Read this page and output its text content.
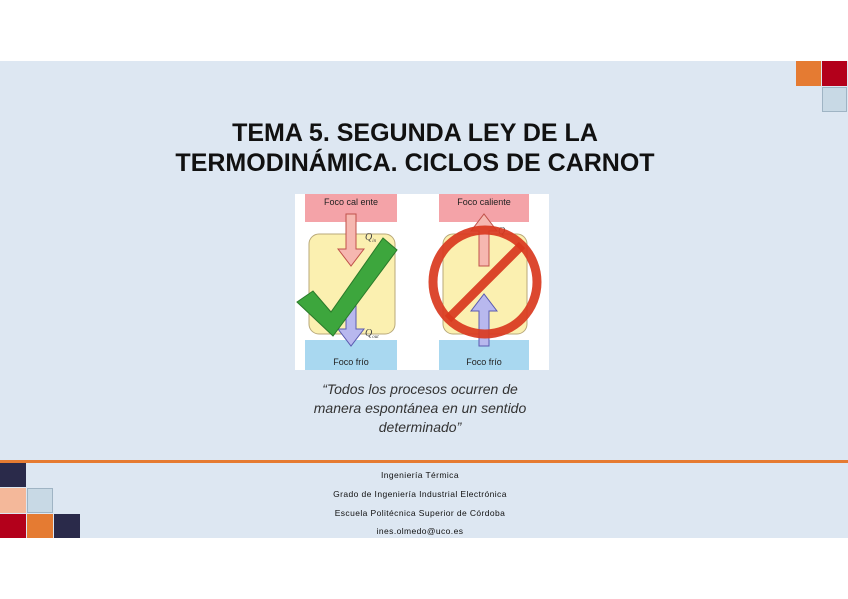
TEMA 5. SEGUNDA LEY DE LA
TERMODINÁMICA. CICLOS DE CARNOT
Foco cal ente
Foco frío
$Q_{in}$
$Q_{out}$
Foco caliente
Foco frío
Q
“Todos los procesos ocurren de
manera espontánea en un sentido
determinado”
Ingeniería Térmica
Grado de Ingeniería Industrial Electrónica
Escuela Politécnica Superior de Córdoba
ines.olmedo@uco.es
